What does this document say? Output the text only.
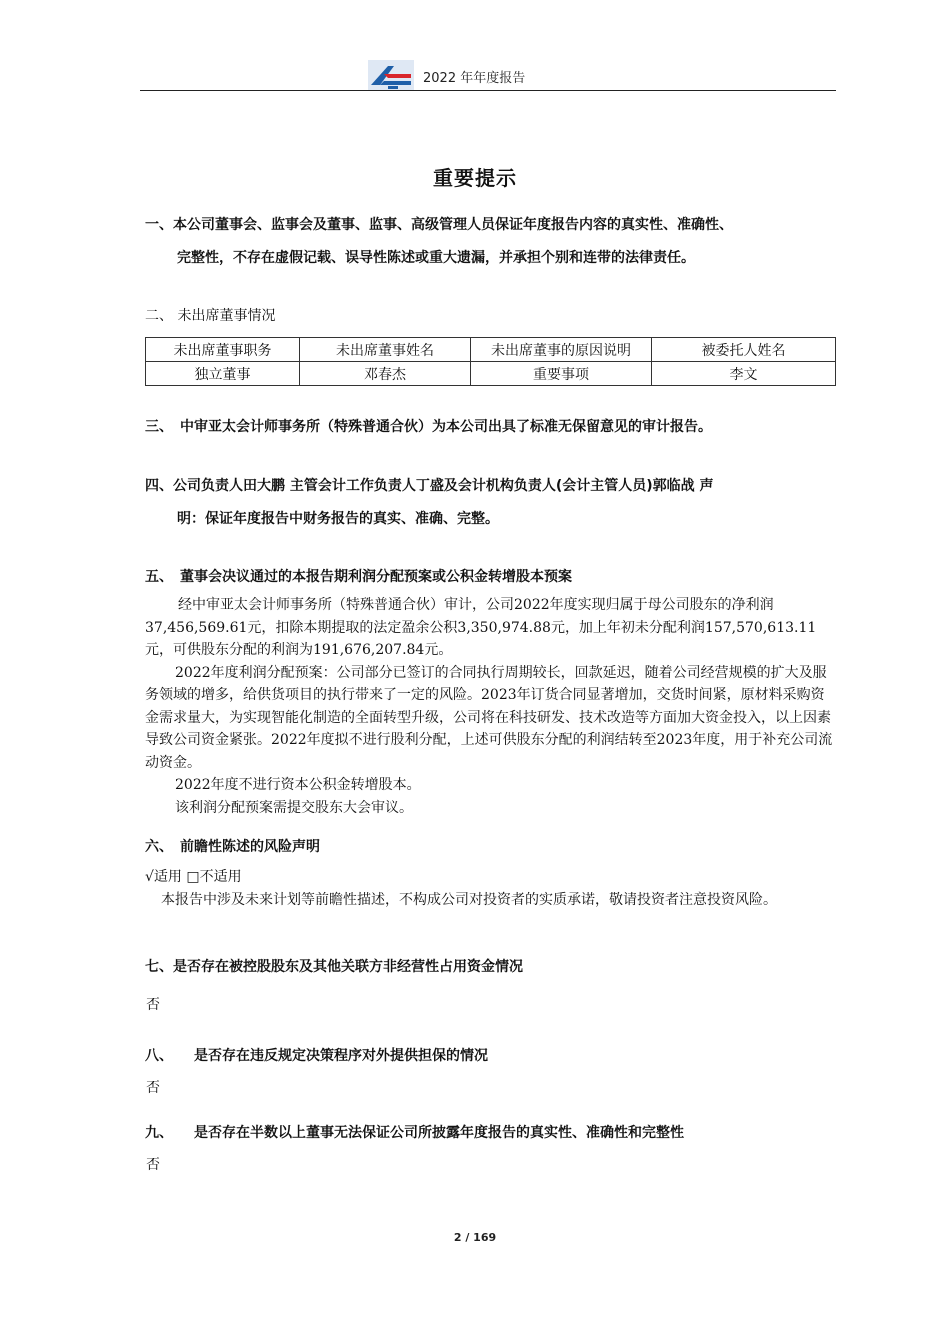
2022 年年度报告
重要提示
一、本公司董事会、监事会及董事、监事、高级管理人员保证年度报告内容的真实性、准确性、
完整性，不存在虚假记载、误导性陈述或重大遗漏，并承担个别和连带的法律责任。
二、 未出席董事情况
未出席董事职务	未出席董事姓名	未出席董事的原因说明	被委托人姓名
独立董事	邓春杰	重要事项	李文
三、　中审亚太会计师事务所（特殊普通合伙）为本公司出具了标准无保留意见的审计报告。
四、公司负责人田大鹏 主管会计工作负责人丁盛及会计机构负责人(会计主管人员)郭临战 声
明：保证年度报告中财务报告的真实、准确、完整。
五、　董事会决议通过的本报告期利润分配预案或公积金转增股本预案

经中审亚太会计师事务所（特殊普通合伙）审计，公司2022年度实现归属于母公司股东的净利润37,456,569.61元，扣除本期提取的法定盈余公积3,350,974.88元，加上年初未分配利润157,570,613.11元，可供股东分配的利润为191,676,207.84元。

2022年度利润分配预案：公司部分已签订的合同执行周期较长，回款延迟，随着公司经营规模的扩大及服务领域的增多，给供货项目的执行带来了一定的风险。2023年订货合同显著增加，交货时间紧，原材料采购资金需求量大，为实现智能化制造的全面转型升级，公司将在科技研发、技术改造等方面加大资金投入，以上因素导致公司资金紧张。2022年度拟不进行股利分配，上述可供股东分配的利润结转至2023年度，用于补充公司流动资金。

2022年度不进行资本公积金转增股本。

该利润分配预案需提交股东大会审议。

六、　前瞻性陈述的风险声明

√适用 □不适用

本报告中涉及未来计划等前瞻性描述，不构成公司对投资者的实质承诺，敬请投资者注意投资风险。

七、是否存在被控股股东及其他关联方非经营性占用资金情况
否
八、　　是否存在违反规定决策程序对外提供担保的情况
否
九、　　是否存在半数以上董事无法保证公司所披露年度报告的真实性、准确性和完整性
否
2 / 169
